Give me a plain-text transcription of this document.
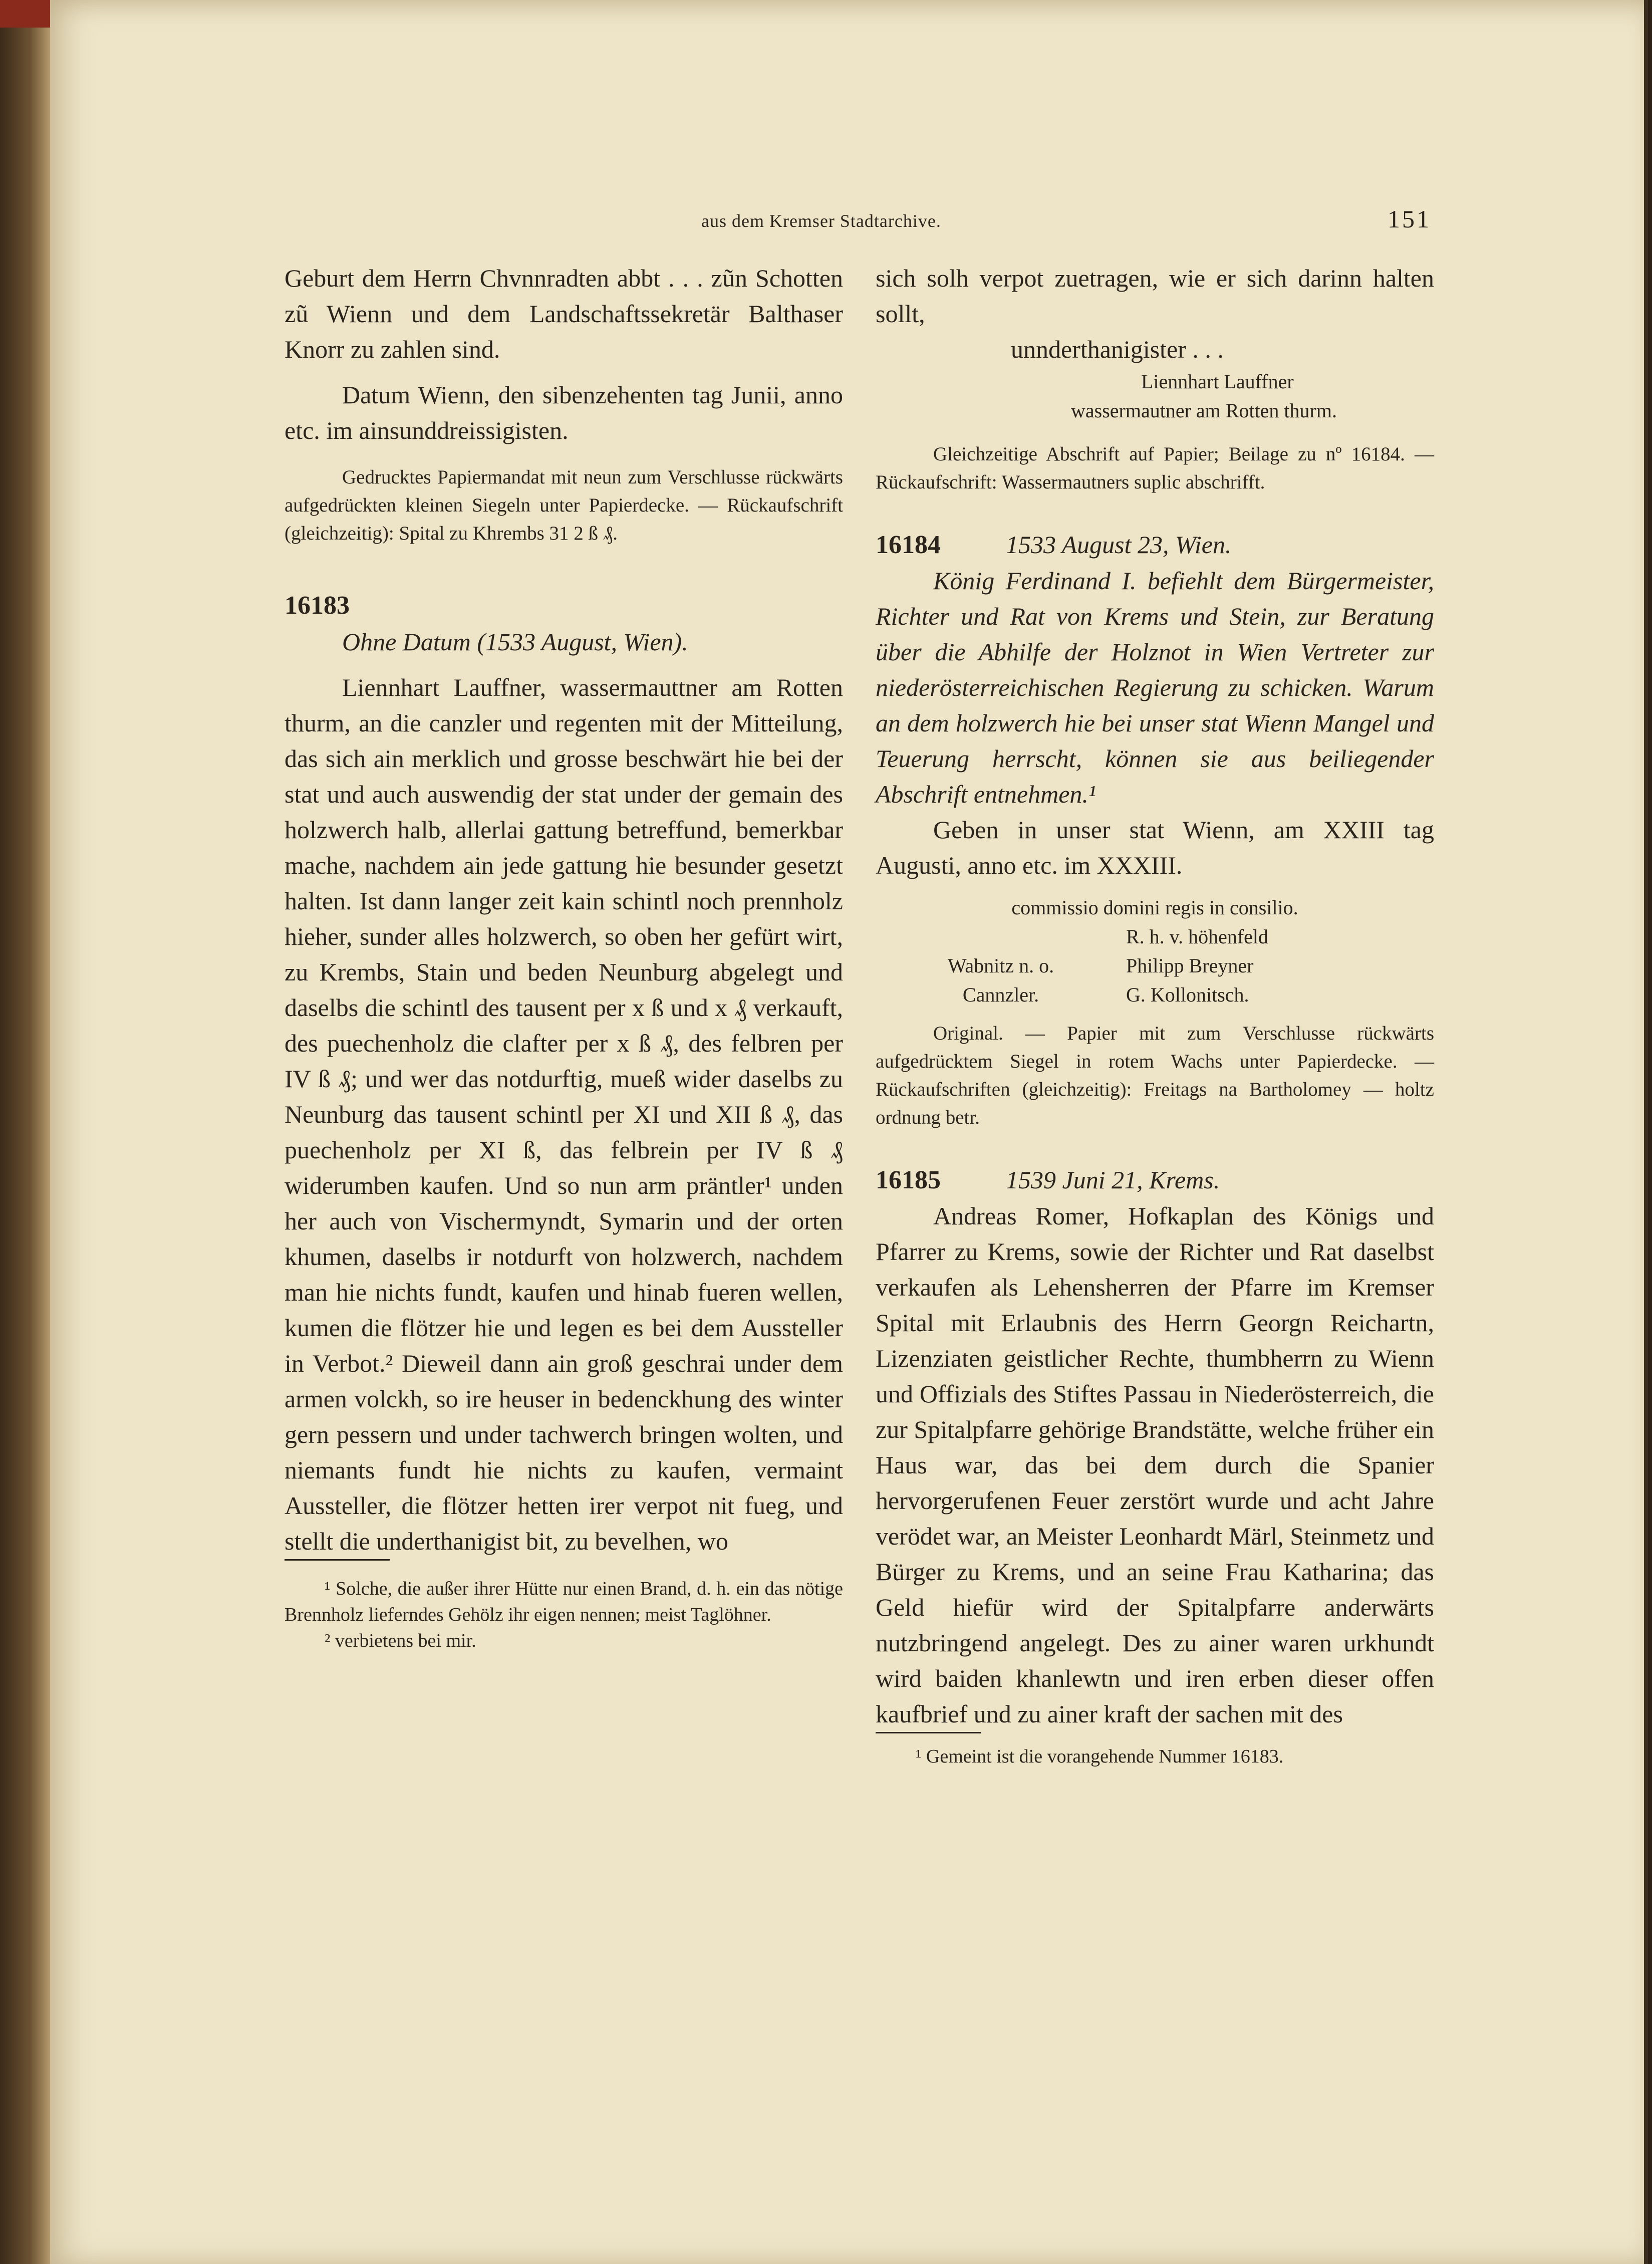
aus dem Kremser Stadtarchive.	151

Geburt dem Herrn Chvnnradten abbt . . . zũn Schotten zũ Wienn und dem Landschaftssekretär Balthaser Knorr zu zahlen sind.

Datum Wienn, den sibenzehenten tag Junii, anno etc. im ainsunddreissigisten.

Gedrucktes Papiermandat mit neun zum Verschlusse rückwärts aufgedrückten kleinen Siegeln unter Papierdecke. — Rückaufschrift (gleichzeitig): Spital zu Khrembs 31 2 ß ₰.

16183

Ohne Datum (1533 August, Wien).

Liennhart Lauffner, wassermauttner am Rotten thurm, an die canzler und regenten mit der Mitteilung, das sich ain merklich und grosse beschwärt hie bei der stat und auch auswendig der stat under der gemain des holzwerch halb, allerlai gattung betreffund, bemerkbar mache, nachdem ain jede gattung hie besunder gesetzt halten. Ist dann langer zeit kain schintl noch prennholz hieher, sunder alles holzwerch, so oben her gefürt wirt, zu Krembs, Stain und beden Neunburg abgelegt und daselbs die schintl des tausent per x ß und x ₰ verkauft, des puechenholz die clafter per x ß ₰, des felbren per IV ß ₰; und wer das notdurftig, mueß wider daselbs zu Neunburg das tausent schintl per XI und XII ß ₰, das puechenholz per XI ß, das felbrein per IV ß ₰ widerumben kaufen. Und so nun arm präntler¹ unden her auch von Vischermyndt, Symarin und der orten khumen, daselbs ir notdurft von holzwerch, nachdem man hie nichts fundt, kaufen und hinab fueren wellen, kumen die flötzer hie und legen es bei dem Aussteller in Verbot.² Dieweil dann ain groß geschrai under dem armen volckh, so ire heuser in bedenckhung des winter gern pessern und under tachwerch bringen wolten, und niemants fundt hie nichts zu kaufen, vermaint Aussteller, die flötzer hetten irer verpot nit fueg, und stellt die underthanigist bit, zu bevelhen, wo

¹ Solche, die außer ihrer Hütte nur einen Brand, d. h. ein das nötige Brennholz lieferndes Gehölz ihr eigen nennen; meist Taglöhner.

² verbietens bei mir.

sich solh verpot zuetragen, wie er sich darinn halten sollt,

unnderthanigister . . .

Liennhart Lauffner

wassermautner am Rotten thurm.

Gleichzeitige Abschrift auf Papier; Beilage zu nº 16184. — Rückaufschrift: Wassermautners suplic abschrifft.

16184	1533 August 23, Wien.

König Ferdinand I. befiehlt dem Bürgermeister, Richter und Rat von Krems und Stein, zur Beratung über die Abhilfe der Holznot in Wien Vertreter zur niederösterreichischen Regierung zu schicken. Warum an dem holzwerch hie bei unser stat Wienn Mangel und Teuerung herrscht, können sie aus beiliegender Abschrift entnehmen.¹

Geben in unser stat Wienn, am XXIII tag Augusti, anno etc. im XXXIII.

commissio domini regis in consilio.

R. h. v. höhenfeld
Wabnitz n. o.	Philipp Breyner
Cannzler.	G. Kollonitsch.

Original. — Papier mit zum Verschlusse rückwärts aufgedrücktem Siegel in rotem Wachs unter Papierdecke. — Rückaufschriften (gleichzeitig): Freitags na Bartholomey — holtz ordnung betr.

16185	1539 Juni 21, Krems.

Andreas Romer, Hofkaplan des Königs und Pfarrer zu Krems, sowie der Richter und Rat daselbst verkaufen als Lehensherren der Pfarre im Kremser Spital mit Erlaubnis des Herrn Georgn Reichartn, Lizenziaten geistlicher Rechte, thumbherrn zu Wienn und Offizials des Stiftes Passau in Niederösterreich, die zur Spitalpfarre gehörige Brandstätte, welche früher ein Haus war, das bei dem durch die Spanier hervorgerufenen Feuer zerstört wurde und acht Jahre verödet war, an Meister Leonhardt Märl, Steinmetz und Bürger zu Krems, und an seine Frau Katharina; das Geld hiefür wird der Spitalpfarre anderwärts nutzbringend angelegt. Des zu ainer waren urkhundt wird baiden khanlewtn und iren erben dieser offen kaufbrief und zu ainer kraft der sachen mit des

¹ Gemeint ist die vorangehende Nummer 16183.
